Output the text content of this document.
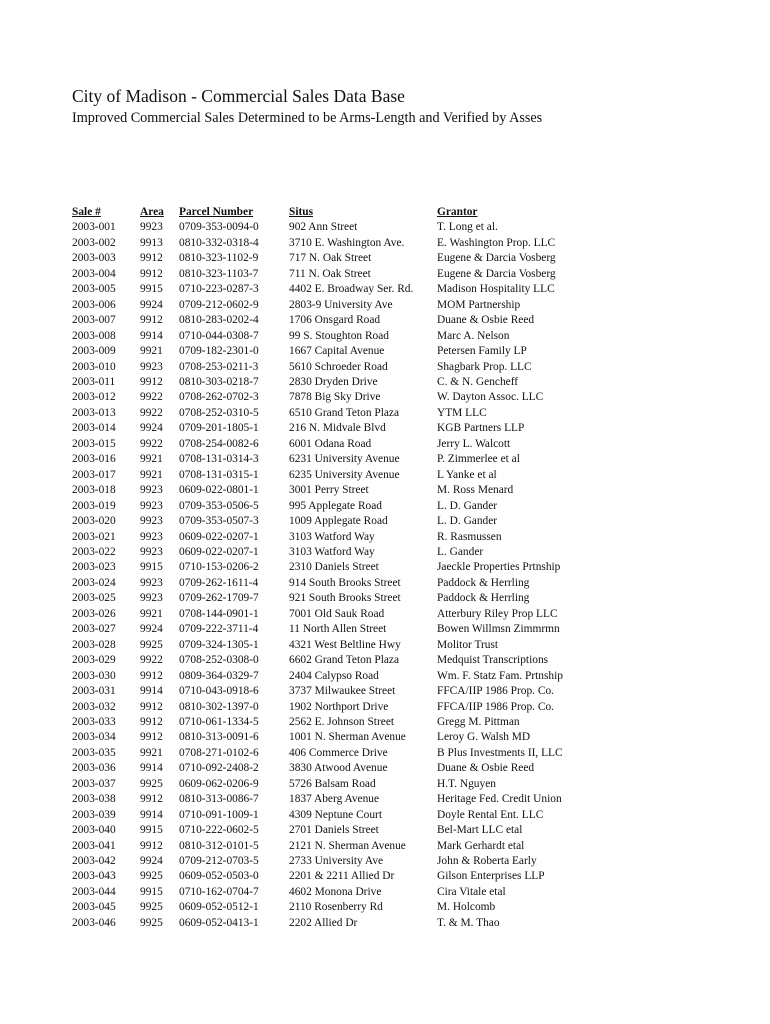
City of Madison - Commercial Sales Data Base
Improved Commercial Sales Determined to be Arms-Length and Verified by Asses
Sale #	Area	Parcel Number	Situs	Grantor
2003-001	9923	0709-353-0094-0	902 Ann Street	T. Long et al.
2003-002	9913	0810-332-0318-4	3710 E. Washington Ave.	E. Washington Prop. LLC
2003-003	9912	0810-323-1102-9	717 N. Oak Street	Eugene & Darcia Vosberg
2003-004	9912	0810-323-1103-7	711 N. Oak Street	Eugene & Darcia Vosberg
2003-005	9915	0710-223-0287-3	4402 E. Broadway Ser. Rd.	Madison Hospitality LLC
2003-006	9924	0709-212-0602-9	2803-9 University Ave	MOM Partnership
2003-007	9912	0810-283-0202-4	1706 Onsgard Road	Duane & Osbie Reed
2003-008	9914	0710-044-0308-7	99 S. Stoughton Road	Marc A. Nelson
2003-009	9921	0709-182-2301-0	1667 Capital Avenue	Petersen Family LP
2003-010	9923	0708-253-0211-3	5610 Schroeder Road	Shagbark Prop. LLC
2003-011	9912	0810-303-0218-7	2830 Dryden Drive	C. & N. Gencheff
2003-012	9922	0708-262-0702-3	7878 Big Sky Drive	W. Dayton Assoc. LLC
2003-013	9922	0708-252-0310-5	6510 Grand Teton Plaza	YTM LLC
2003-014	9924	0709-201-1805-1	216 N. Midvale Blvd	KGB Partners LLP
2003-015	9922	0708-254-0082-6	6001 Odana Road	Jerry L. Walcott
2003-016	9921	0708-131-0314-3	6231 University Avenue	P. Zimmerlee et al
2003-017	9921	0708-131-0315-1	6235 University Avenue	L Yanke et al
2003-018	9923	0609-022-0801-1	3001 Perry Street	M. Ross Menard
2003-019	9923	0709-353-0506-5	995 Applegate Road	L. D. Gander
2003-020	9923	0709-353-0507-3	1009 Applegate Road	L. D. Gander
2003-021	9923	0609-022-0207-1	3103 Watford Way	R. Rasmussen
2003-022	9923	0609-022-0207-1	3103 Watford Way	L. Gander
2003-023	9915	0710-153-0206-2	2310 Daniels Street	Jaeckle Properties Prtnship
2003-024	9923	0709-262-1611-4	914 South Brooks Street	Paddock & Herrling
2003-025	9923	0709-262-1709-7	921 South Brooks Street	Paddock & Herrling
2003-026	9921	0708-144-0901-1	7001 Old Sauk Road	Atterbury Riley Prop LLC
2003-027	9924	0709-222-3711-4	11 North Allen Street	Bowen Willmsn Zimmrmn
2003-028	9925	0709-324-1305-1	4321 West Beltline Hwy	Molitor Trust
2003-029	9922	0708-252-0308-0	6602 Grand Teton Plaza	Medquist Transcriptions
2003-030	9912	0809-364-0329-7	2404 Calypso Road	Wm. F. Statz Fam. Prtnship
2003-031	9914	0710-043-0918-6	3737 Milwaukee Street	FFCA/IIP 1986 Prop. Co.
2003-032	9912	0810-302-1397-0	1902 Northport Drive	FFCA/IIP 1986 Prop. Co.
2003-033	9912	0710-061-1334-5	2562 E. Johnson Street	Gregg M. Pittman
2003-034	9912	0810-313-0091-6	1001 N. Sherman Avenue	Leroy G. Walsh MD
2003-035	9921	0708-271-0102-6	406 Commerce Drive	B Plus Investments II, LLC
2003-036	9914	0710-092-2408-2	3830 Atwood Avenue	Duane & Osbie Reed
2003-037	9925	0609-062-0206-9	5726 Balsam Road	H.T. Nguyen
2003-038	9912	0810-313-0086-7	1837 Aberg Avenue	Heritage Fed. Credit Union
2003-039	9914	0710-091-1009-1	4309 Neptune Court	Doyle Rental Ent. LLC
2003-040	9915	0710-222-0602-5	2701 Daniels Street	Bel-Mart LLC etal
2003-041	9912	0810-312-0101-5	2121 N. Sherman Avenue	Mark Gerhardt etal
2003-042	9924	0709-212-0703-5	2733 University Ave	John & Roberta Early
2003-043	9925	0609-052-0503-0	2201 & 2211 Allied Dr	Gilson Enterprises LLP
2003-044	9915	0710-162-0704-7	4602 Monona Drive	Cira Vitale etal
2003-045	9925	0609-052-0512-1	2110 Rosenberry Rd	M. Holcomb
2003-046	9925	0609-052-0413-1	2202 Allied Dr	T. & M. Thao
